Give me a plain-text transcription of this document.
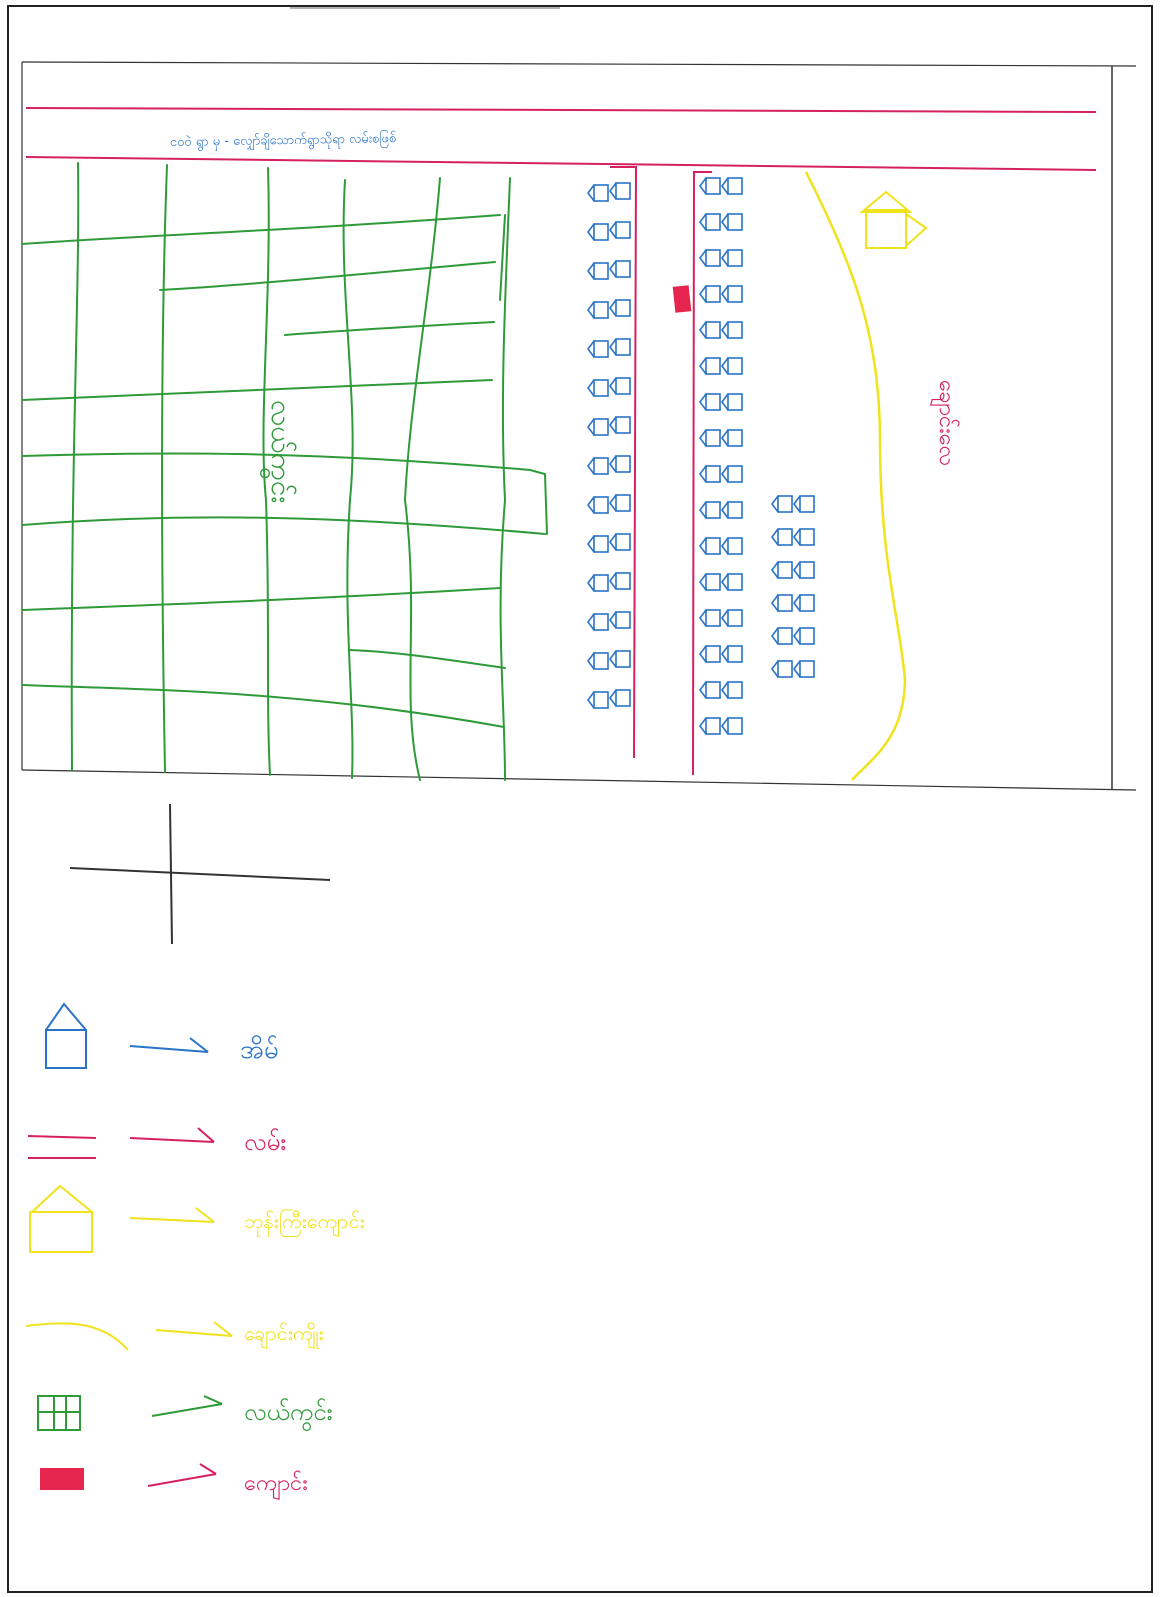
ငဝဝဲ ရွာ မှ - လျှော်ချိသောက်ရွာသိုရာ လမ်းစဖြစ်
လယ်ကွင်း	ချောင်းလေ
အိမ်
လမ်း
ဘုန်းကြီးကျောင်း
ချောင်းကျိုး
လယ်ကွင်း
ကျောင်း
